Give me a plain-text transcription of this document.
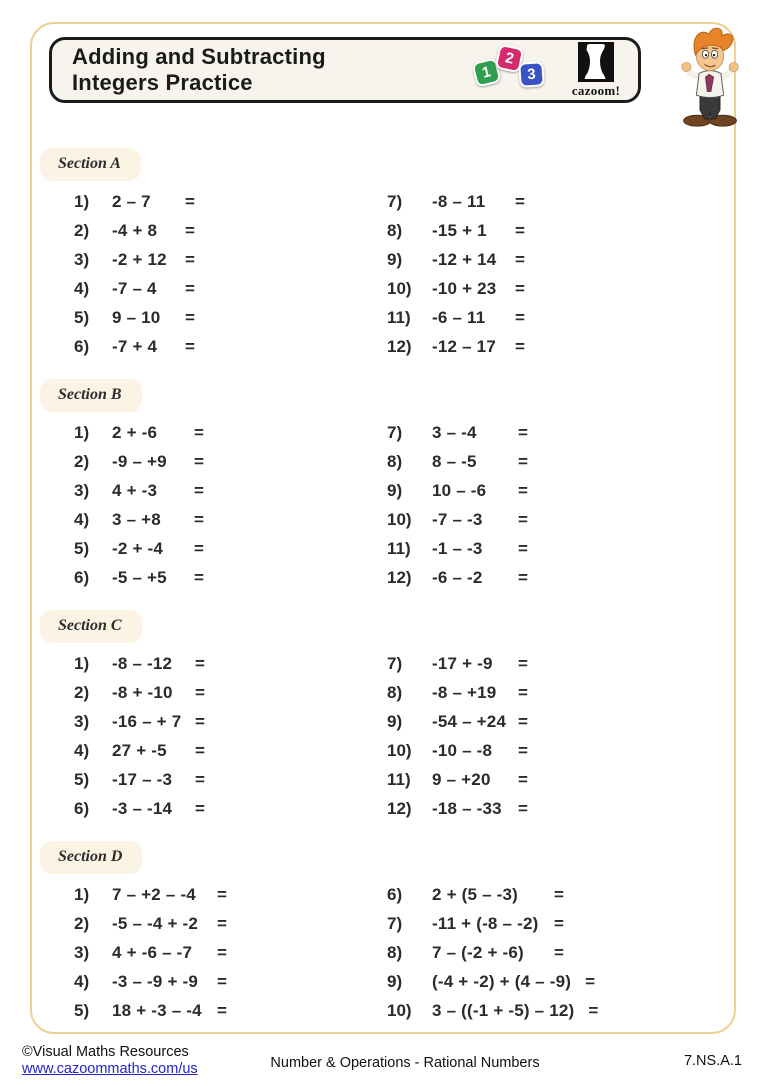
Adding and Subtracting
Integers Practice	1
2
3
cazoom!
Section A
1)	2 – 7	=
2)	-4 + 8	=
3)	-2 + 12	=
4)	-7 – 4	=
5)	9 – 10	=
6)	-7 + 4	=
7)	-8 – 11	=
8)	-15 + 1	=
9)	-12 + 14	=
10)	-10 + 23	=
11)	-6 – 11	=
12)	-12 – 17	=
Section B
1)	2 + -6	=
2)	-9 – +9	=
3)	4 + -3	=
4)	3 – +8	=
5)	-2 + -4	=
6)	-5 – +5	=
7)	3 – -4	=
8)	8 – -5	=
9)	10 – -6	=
10)	-7 – -3	=
11)	-1 – -3	=
12)	-6 – -2	=
Section C
1)	-8 – -12	=
2)	-8 + -10	=
3)	-16 – + 7 =
4)	27 + -5	=
5)	-17 – -3	=
6)	-3 – -14	=
7)	-17 + -9	=
8)	-8 – +19	=
9)	-54 – +24 =
10)	-10 – -8	=
11)	9 – +20	=
12)	-18 – -33 =
Section D
1)	7 – +2 – -4	=
2)	-5 – -4 + -2	=
3)	4 + -6 – -7	=
4)	-3 – -9 + -9	=
5)	18 + -3 – -4 =
6)	2 + (5 – -3)	=
7)	-11 + (-8 – -2) =
8)	7 – (-2 + -6)	=
9)	(-4 + -2) + (4 – -9) =
10)	3 – ((-1 + -5) – 12) =
©Visual Maths Resources
www.cazoommaths.com/us	Number & Operations - Rational Numbers	7.NS.A.1
